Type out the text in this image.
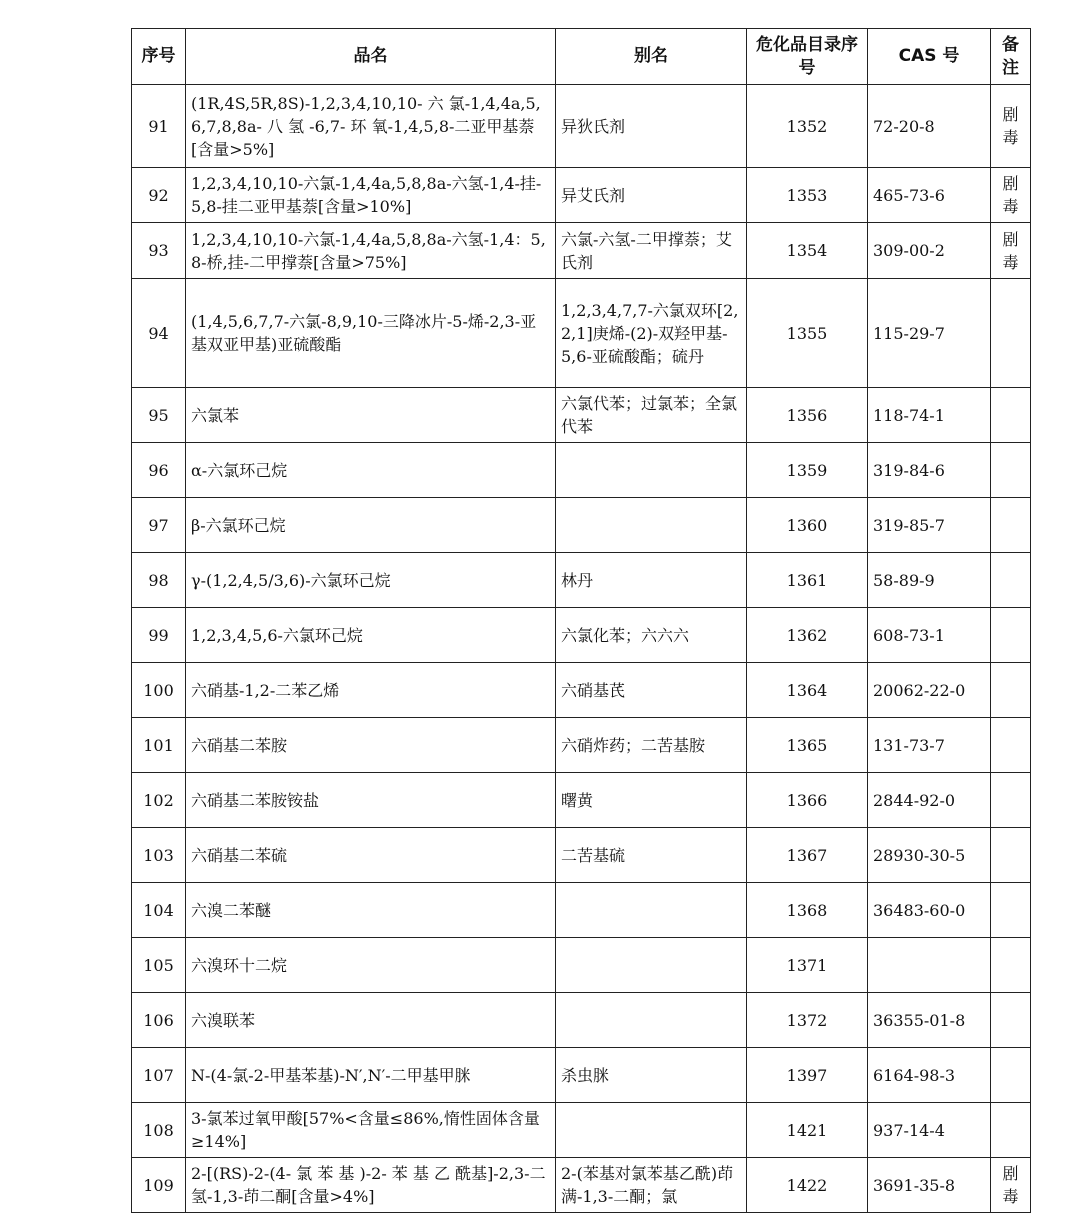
序号	品名	别名	危化品目录序号	CAS 号	备注
91	(1R,4S,5R,8S)-1,2,3,4,10,10- 六 氯-1,4,4a,5,6,7,8,8a- 八 氢 -6,7- 环 氧-1,4,5,8-二亚甲基萘[含量>5%]	异狄氏剂	1352	72-20-8	剧毒
92	1,2,3,4,10,10-六氯-1,4,4a,5,8,8a-六氢-1,4-挂-5,8-挂二亚甲基萘[含量>10%]	异艾氏剂	1353	465-73-6	剧毒
93	1,2,3,4,10,10-六氯-1,4,4a,5,8,8a-六氢-1,4：5,8-桥,挂-二甲撑萘[含量>75%]	六氯-六氢-二甲撑萘；艾氏剂	1354	309-00-2	剧毒
94	(1,4,5,6,7,7-六氯-8,9,10-三降冰片-5-烯-2,3-亚基双亚甲基)亚硫酸酯	1,2,3,4,7,7-六氯双环[2,2,1]庚烯-(2)-双羟甲基-5,6-亚硫酸酯；硫丹	1355	115-29-7	
95	六氯苯	六氯代苯；过氯苯；全氯代苯	1356	118-74-1	
96	α-六氯环己烷		1359	319-84-6	
97	β-六氯环己烷		1360	319-85-7	
98	γ-(1,2,4,5/3,6)-六氯环己烷	林丹	1361	58-89-9	
99	1,2,3,4,5,6-六氯环己烷	六氯化苯；六六六	1362	608-73-1	
100	六硝基-1,2-二苯乙烯	六硝基芪	1364	20062-22-0	
101	六硝基二苯胺	六硝炸药；二苦基胺	1365	131-73-7	
102	六硝基二苯胺铵盐	曙黄	1366	2844-92-0	
103	六硝基二苯硫	二苦基硫	1367	28930-30-5	
104	六溴二苯醚		1368	36483-60-0	
105	六溴环十二烷		1371		
106	六溴联苯		1372	36355-01-8	
107	N-(4-氯-2-甲基苯基)-N′,N′-二甲基甲脒	杀虫脒	1397	6164-98-3	
108	3-氯苯过氧甲酸[57%<含量≤86%,惰性固体含量≥14%]		1421	937-14-4	
109	2-[(RS)-2-(4- 氯 苯 基 )-2- 苯 基 乙 酰基]-2,3-二氢-1,3-茚二酮[含量>4%]	2-(苯基对氯苯基乙酰)茚满-1,3-二酮；氯	1422	3691-35-8	剧毒
